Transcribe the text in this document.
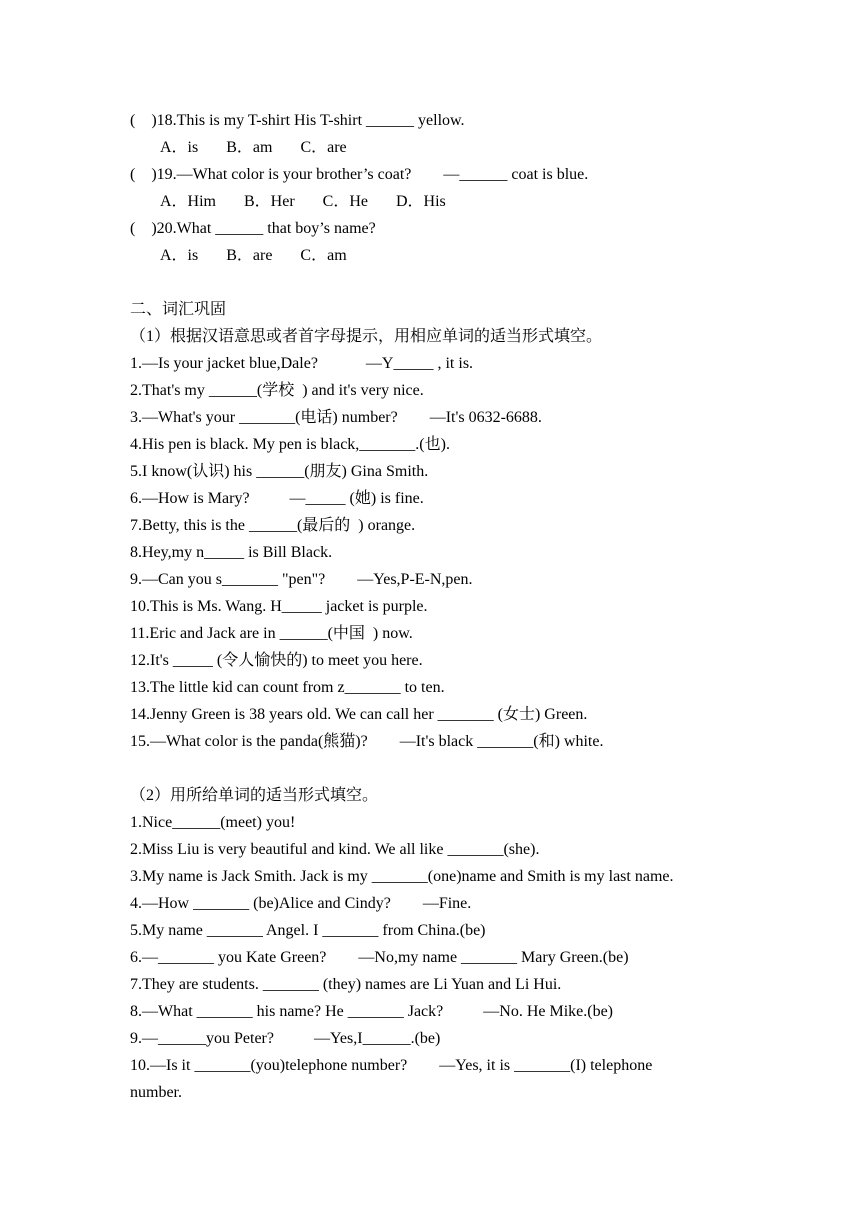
(    )18.This is my T-shirt His T-shirt ______ yellow.
A．is       B．am       C．are
(    )19.—What color is your brother’s coat?        —______ coat is blue.
A．Him       B．Her       C．He       D．His
(    )20.What ______ that boy’s name?
A．is       B．are       C．am
二、词汇巩固
（1）根据汉语意思或者首字母提示，用相应单词的适当形式填空。
1.—Is your jacket blue,Dale?            —Y_____ , it is.
2.That's my ______(学校  ) and it's very nice.
3.—What's your _______(电话) number?        —It's 0632-6688.
4.His pen is black. My pen is black,_______.(也).
5.I know(认识) his ______(朋友) Gina Smith.
6.—How is Mary?          —_____ (她) is fine.
7.Betty, this is the ______(最后的  ) orange.
8.Hey,my n_____ is Bill Black.
9.—Can you s_______ "pen"?        —Yes,P-E-N,pen.
10.This is Ms. Wang. H_____ jacket is purple.
11.Eric and Jack are in ______(中国  ) now.
12.It's _____ (令人愉快的) to meet you here.
13.The little kid can count from z_______ to ten.
14.Jenny Green is 38 years old. We can call her _______ (女士) Green.
15.—What color is the panda(熊猫)?        —It's black _______(和) white.
（2）用所给单词的适当形式填空。
1.Nice______(meet) you!
2.Miss Liu is very beautiful and kind. We all like _______(she).
3.My name is Jack Smith. Jack is my _______(one)name and Smith is my last name.
4.—How _______ (be)Alice and Cindy?        —Fine.
5.My name _______ Angel. I _______ from China.(be)
6.—_______ you Kate Green?        —No,my name _______ Mary Green.(be)
7.They are students. _______ (they) names are Li Yuan and Li Hui.
8.—What _______ his name? He _______ Jack?          —No. He Mike.(be)
9.—______you Peter?          —Yes,I______.(be)
10.—Is it _______(you)telephone number?        —Yes, it is _______(I) telephone
number.
